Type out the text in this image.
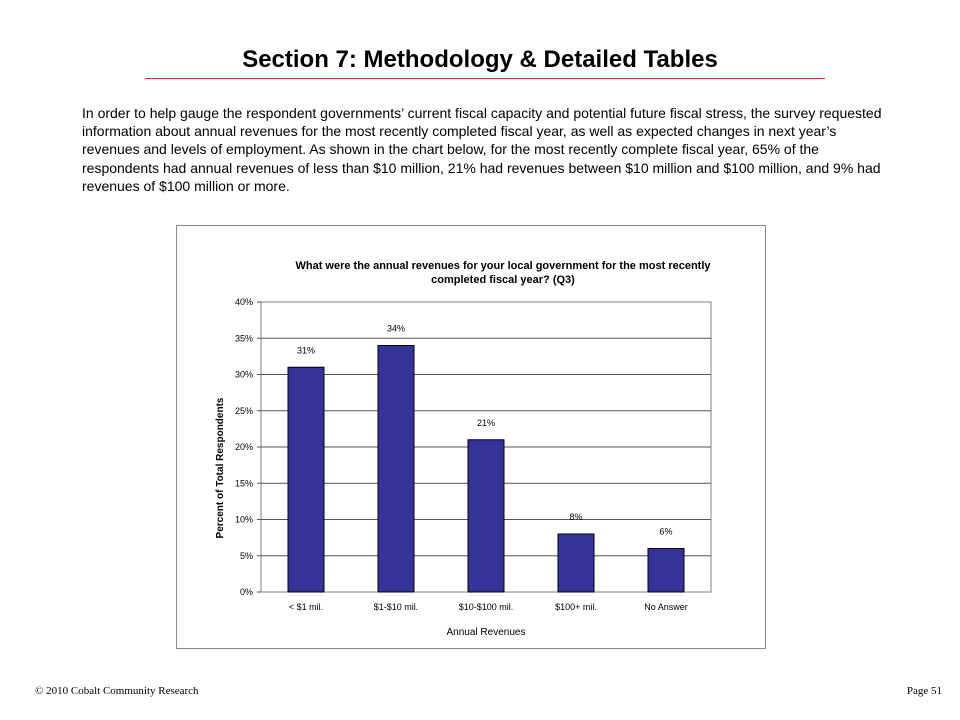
Section 7: Methodology & Detailed Tables
In order to help gauge the respondent governments’ current fiscal capacity and potential future fiscal stress, the survey requested information about annual revenues for the most recently completed fiscal year, as well as expected changes in next year’s revenues and levels of employment. As shown in the chart below, for the most recently complete fiscal year, 65% of the respondents had annual revenues of less than $10 million, 21% had revenues between $10 million and $100 million, and 9% had revenues of $100 million or more.
What were the annual revenues for your local government for the most recently
completed fiscal year? (Q3)
0%
5%
10%
15%
20%
25%
30%
35%
40%
31%
< $1 mil.
34%
$1-$10 mil.
21%
$10-$100 mil.
8%
$100+ mil.
6%
No Answer
Annual Revenues
Percent of Total Respondents
© 2010 Cobalt Community Research	Page 51
